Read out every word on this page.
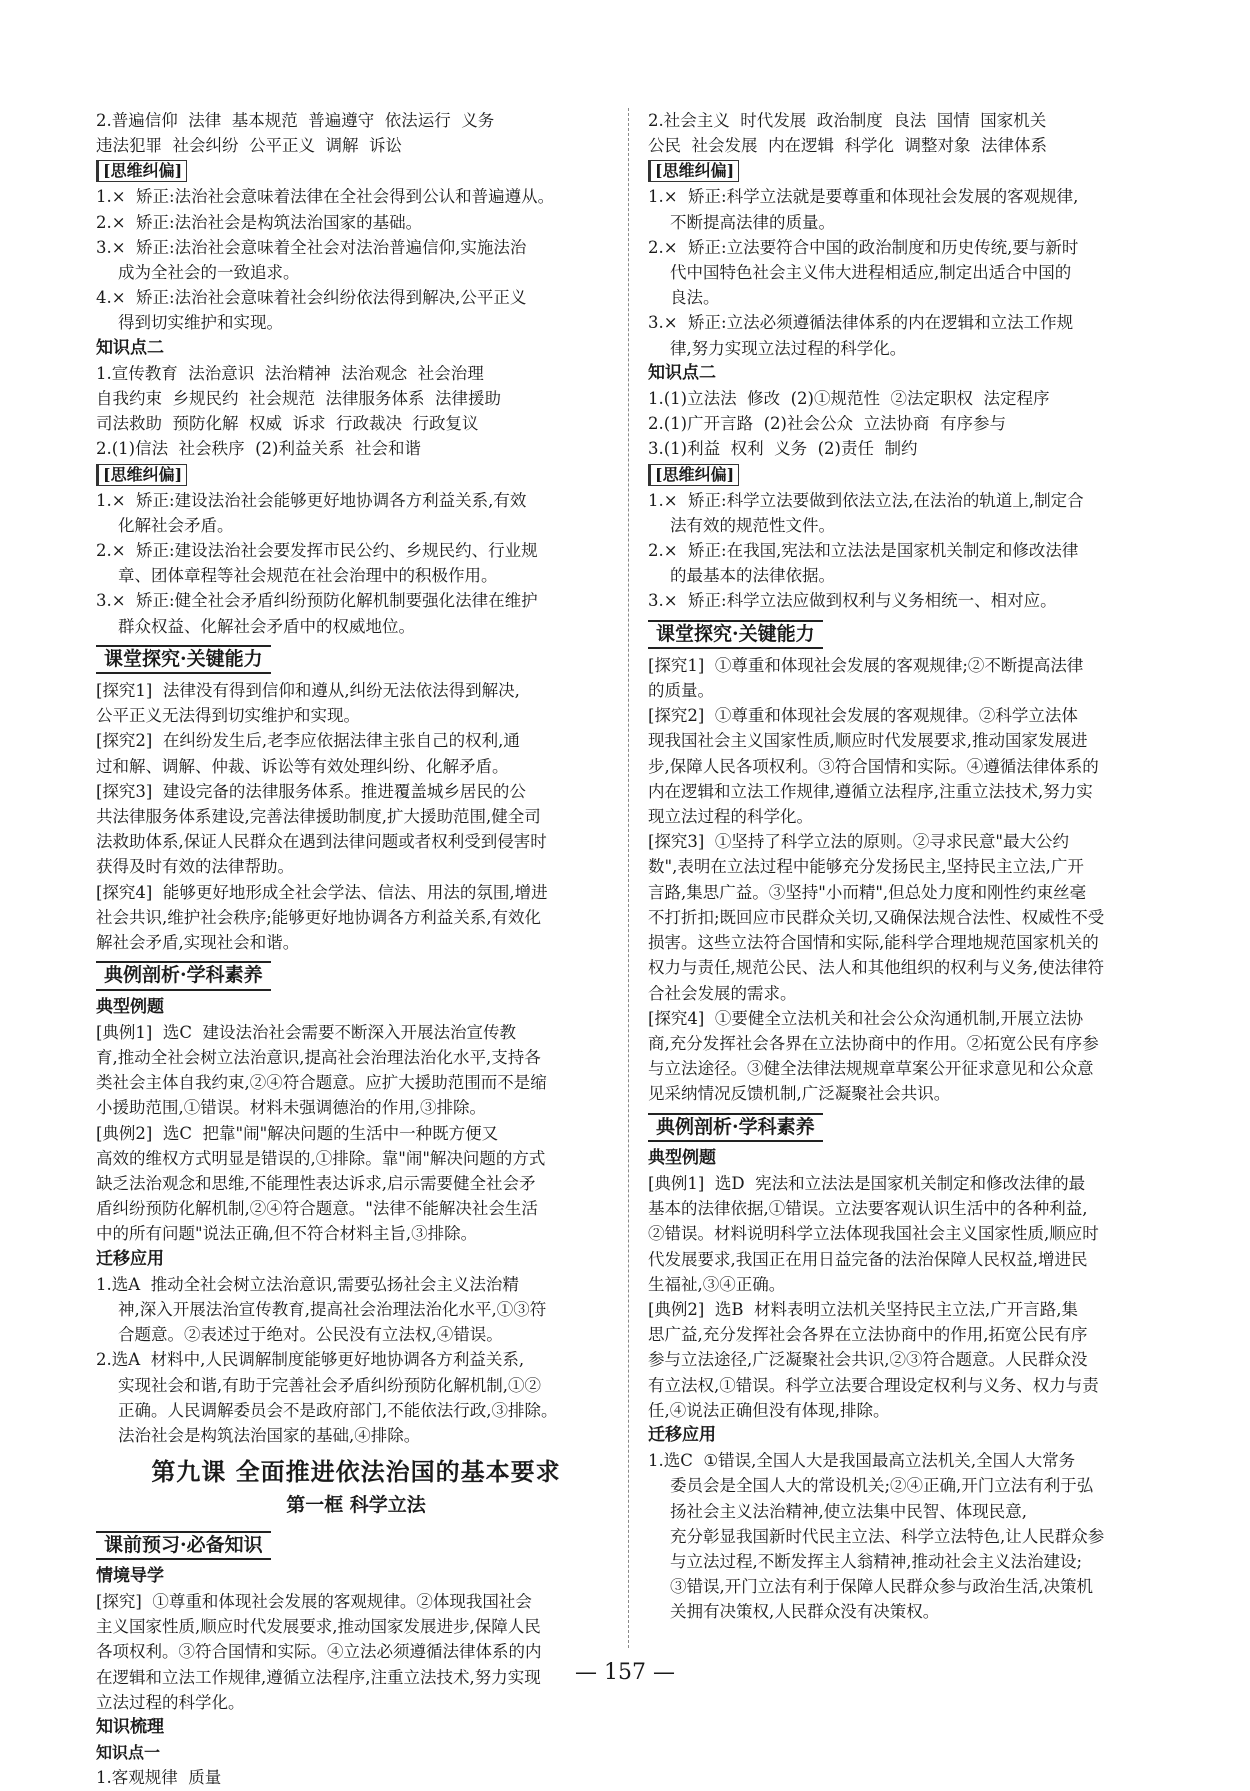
2.普遍信仰  法律  基本规范  普遍遵守  依法运行  义务
违法犯罪  社会纠纷  公平正义  调解  诉讼
[思维纠偏]
1.×  矫正:法治社会意味着法律在全社会得到公认和普遍遵从。
2.×  矫正:法治社会是构筑法治国家的基础。
3.×  矫正:法治社会意味着全社会对法治普遍信仰,实施法治
成为全社会的一致追求。
4.×  矫正:法治社会意味着社会纠纷依法得到解决,公平正义
得到切实维护和实现。
知识点二
1.宣传教育  法治意识  法治精神  法治观念  社会治理
自我约束  乡规民约  社会规范  法律服务体系  法律援助
司法救助  预防化解  权威  诉求  行政裁决  行政复议
2.(1)信法  社会秩序  (2)利益关系  社会和谐
[思维纠偏]
1.×  矫正:建设法治社会能够更好地协调各方利益关系,有效
化解社会矛盾。
2.×  矫正:建设法治社会要发挥市民公约、乡规民约、行业规
章、团体章程等社会规范在社会治理中的积极作用。
3.×  矫正:健全社会矛盾纠纷预防化解机制要强化法律在维护
群众权益、化解社会矛盾中的权威地位。
课堂探究·关键能力
[探究1]  法律没有得到信仰和遵从,纠纷无法依法得到解决,
公平正义无法得到切实维护和实现。
[探究2]  在纠纷发生后,老李应依据法律主张自己的权利,通
过和解、调解、仲裁、诉讼等有效处理纠纷、化解矛盾。
[探究3]  建设完备的法律服务体系。推进覆盖城乡居民的公
共法律服务体系建设,完善法律援助制度,扩大援助范围,健全司
法救助体系,保证人民群众在遇到法律问题或者权利受到侵害时
获得及时有效的法律帮助。
[探究4]  能够更好地形成全社会学法、信法、用法的氛围,增进
社会共识,维护社会秩序;能够更好地协调各方利益关系,有效化
解社会矛盾,实现社会和谐。
典例剖析·学科素养
典型例题
[典例1]  选C  建设法治社会需要不断深入开展法治宣传教
育,推动全社会树立法治意识,提高社会治理法治化水平,支持各
类社会主体自我约束,②④符合题意。应扩大援助范围而不是缩
小援助范围,①错误。材料未强调德治的作用,③排除。
[典例2]  选C  把靠"闹"解决问题的生活中一种既方便又
高效的维权方式明显是错误的,①排除。靠"闹"解决问题的方式
缺乏法治观念和思维,不能理性表达诉求,启示需要健全社会矛
盾纠纷预防化解机制,②④符合题意。"法律不能解决社会生活
中的所有问题"说法正确,但不符合材料主旨,③排除。
迁移应用
1.选A  推动全社会树立法治意识,需要弘扬社会主义法治精
神,深入开展法治宣传教育,提高社会治理法治化水平,①③符
合题意。②表述过于绝对。公民没有立法权,④错误。
2.选A  材料中,人民调解制度能够更好地协调各方利益关系,
实现社会和谐,有助于完善社会矛盾纠纷预防化解机制,①②
正确。人民调解委员会不是政府部门,不能依法行政,③排除。
法治社会是构筑法治国家的基础,④排除。
第九课 全面推进依法治国的基本要求
第一框 科学立法
课前预习·必备知识
情境导学
[探究]  ①尊重和体现社会发展的客观规律。②体现我国社会
主义国家性质,顺应时代发展要求,推动国家发展进步,保障人民
各项权利。③符合国情和实际。④立法必须遵循法律体系的内
在逻辑和立法工作规律,遵循立法程序,注重立法技术,努力实现
立法过程的科学化。
知识梳理
知识点一
1.客观规律  质量
2.社会主义  时代发展  政治制度  良法  国情  国家机关
公民  社会发展  内在逻辑  科学化  调整对象  法律体系
[思维纠偏]
1.×  矫正:科学立法就是要尊重和体现社会发展的客观规律,
不断提高法律的质量。
2.×  矫正:立法要符合中国的政治制度和历史传统,要与新时
代中国特色社会主义伟大进程相适应,制定出适合中国的
良法。
3.×  矫正:立法必须遵循法律体系的内在逻辑和立法工作规
律,努力实现立法过程的科学化。
知识点二
1.(1)立法法  修改  (2)①规范性  ②法定职权  法定程序
2.(1)广开言路  (2)社会公众  立法协商  有序参与
3.(1)利益  权利  义务  (2)责任  制约
[思维纠偏]
1.×  矫正:科学立法要做到依法立法,在法治的轨道上,制定合
法有效的规范性文件。
2.×  矫正:在我国,宪法和立法法是国家机关制定和修改法律
的最基本的法律依据。
3.×  矫正:科学立法应做到权利与义务相统一、相对应。
课堂探究·关键能力
[探究1]  ①尊重和体现社会发展的客观规律;②不断提高法律
的质量。
[探究2]  ①尊重和体现社会发展的客观规律。②科学立法体
现我国社会主义国家性质,顺应时代发展要求,推动国家发展进
步,保障人民各项权利。③符合国情和实际。④遵循法律体系的
内在逻辑和立法工作规律,遵循立法程序,注重立法技术,努力实
现立法过程的科学化。
[探究3]  ①坚持了科学立法的原则。②寻求民意"最大公约
数",表明在立法过程中能够充分发扬民主,坚持民主立法,广开
言路,集思广益。③坚持"小而精",但总处力度和刚性约束丝毫
不打折扣;既回应市民群众关切,又确保法规合法性、权威性不受
损害。这些立法符合国情和实际,能科学合理地规范国家机关的
权力与责任,规范公民、法人和其他组织的权利与义务,使法律符
合社会发展的需求。
[探究4]  ①要健全立法机关和社会公众沟通机制,开展立法协
商,充分发挥社会各界在立法协商中的作用。②拓宽公民有序参
与立法途径。③健全法律法规规章草案公开征求意见和公众意
见采纳情况反馈机制,广泛凝聚社会共识。
典例剖析·学科素养
典型例题
[典例1]  选D  宪法和立法法是国家机关制定和修改法律的最
基本的法律依据,①错误。立法要客观认识生活中的各种利益,
②错误。材料说明科学立法体现我国社会主义国家性质,顺应时
代发展要求,我国正在用日益完备的法治保障人民权益,增进民
生福祉,③④正确。
[典例2]  选B  材料表明立法机关坚持民主立法,广开言路,集
思广益,充分发挥社会各界在立法协商中的作用,拓宽公民有序
参与立法途径,广泛凝聚社会共识,②③符合题意。人民群众没
有立法权,①错误。科学立法要合理设定权利与义务、权力与责
任,④说法正确但没有体现,排除。
迁移应用
1.选C  ①错误,全国人大是我国最高立法机关,全国人大常务
委员会是全国人大的常设机关;②④正确,开门立法有利于弘
扬社会主义法治精神,使立法集中民智、体现民意,
充分彰显我国新时代民主立法、科学立法特色,让人民群众参
与立法过程,不断发挥主人翁精神,推动社会主义法治建设;
③错误,开门立法有利于保障人民群众参与政治生活,决策机
关拥有决策权,人民群众没有决策权。
— 157 —
